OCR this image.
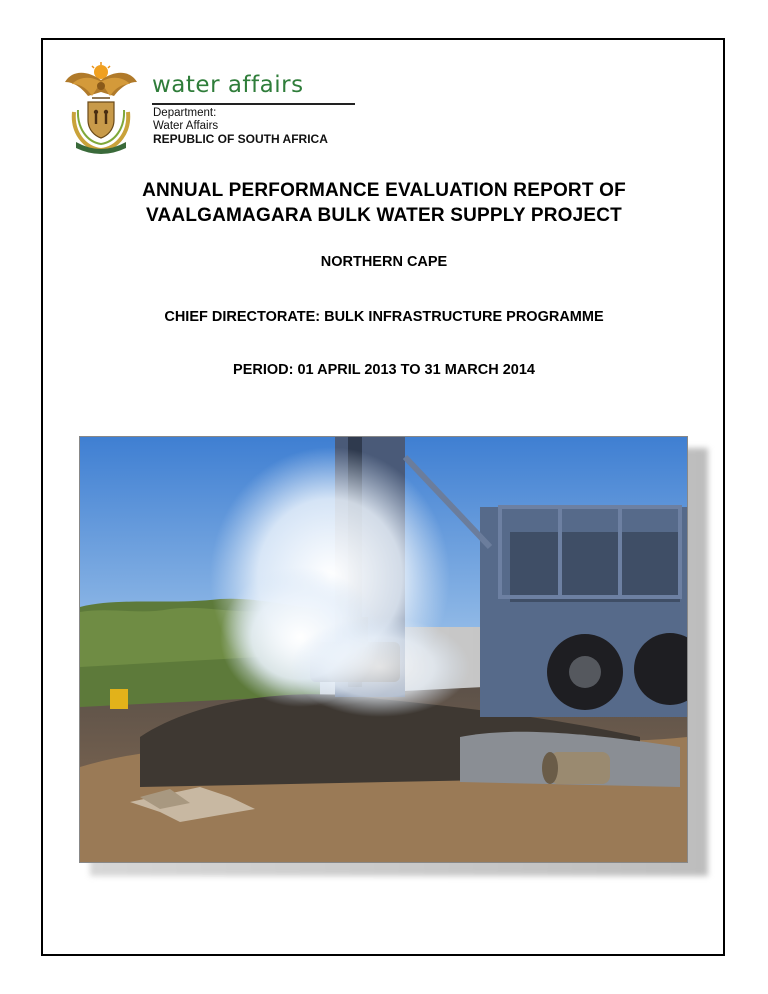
water affairs
Department:
Water Affairs
REPUBLIC OF SOUTH AFRICA
ANNUAL PERFORMANCE EVALUATION REPORT OF
VAALGAMAGARA BULK WATER SUPPLY PROJECT
NORTHERN CAPE
CHIEF DIRECTORATE: BULK INFRASTRUCTURE PROGRAMME
PERIOD: 01 APRIL 2013 TO 31 MARCH 2014
